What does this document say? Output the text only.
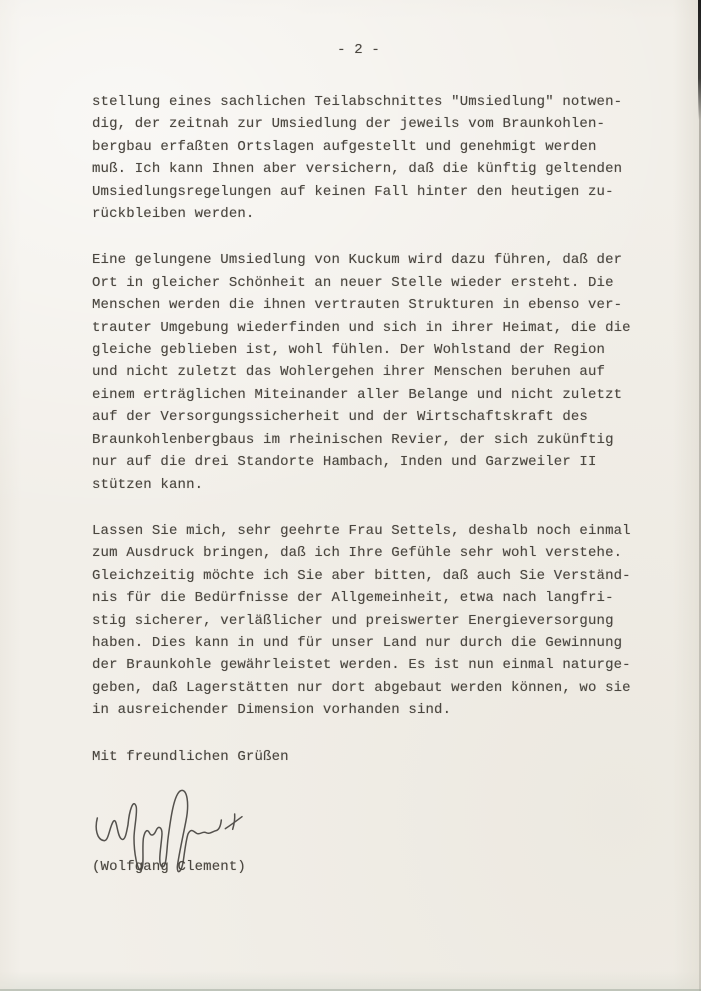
- 2 -
stellung eines sachlichen Teilabschnittes "Umsiedlung" notwen-
dig, der zeitnah zur Umsiedlung der jeweils vom Braunkohlen-
bergbau erfaßten Ortslagen aufgestellt und genehmigt werden
muß. Ich kann Ihnen aber versichern, daß die künftig geltenden
Umsiedlungsregelungen auf keinen Fall hinter den heutigen zu-
rückbleiben werden.
Eine gelungene Umsiedlung von Kuckum wird dazu führen, daß der
Ort in gleicher Schönheit an neuer Stelle wieder ersteht. Die
Menschen werden die ihnen vertrauten Strukturen in ebenso ver-
trauter Umgebung wiederfinden und sich in ihrer Heimat, die die
gleiche geblieben ist, wohl fühlen. Der Wohlstand der Region
und nicht zuletzt das Wohlergehen ihrer Menschen beruhen auf
einem erträglichen Miteinander aller Belange und nicht zuletzt
auf der Versorgungssicherheit und der Wirtschaftskraft des
Braunkohlenbergbaus im rheinischen Revier, der sich zukünftig
nur auf die drei Standorte Hambach, Inden und Garzweiler II
stützen kann.
Lassen Sie mich, sehr geehrte Frau Settels, deshalb noch einmal
zum Ausdruck bringen, daß ich Ihre Gefühle sehr wohl verstehe.
Gleichzeitig möchte ich Sie aber bitten, daß auch Sie Verständ-
nis für die Bedürfnisse der Allgemeinheit, etwa nach langfri-
stig sicherer, verläßlicher und preiswerter Energieversorgung
haben. Dies kann in und für unser Land nur durch die Gewinnung
der Braunkohle gewährleistet werden. Es ist nun einmal naturge-
geben, daß Lagerstätten nur dort abgebaut werden können, wo sie
in ausreichender Dimension vorhanden sind.
Mit freundlichen Grüßen
(Wolfgang Clement)
